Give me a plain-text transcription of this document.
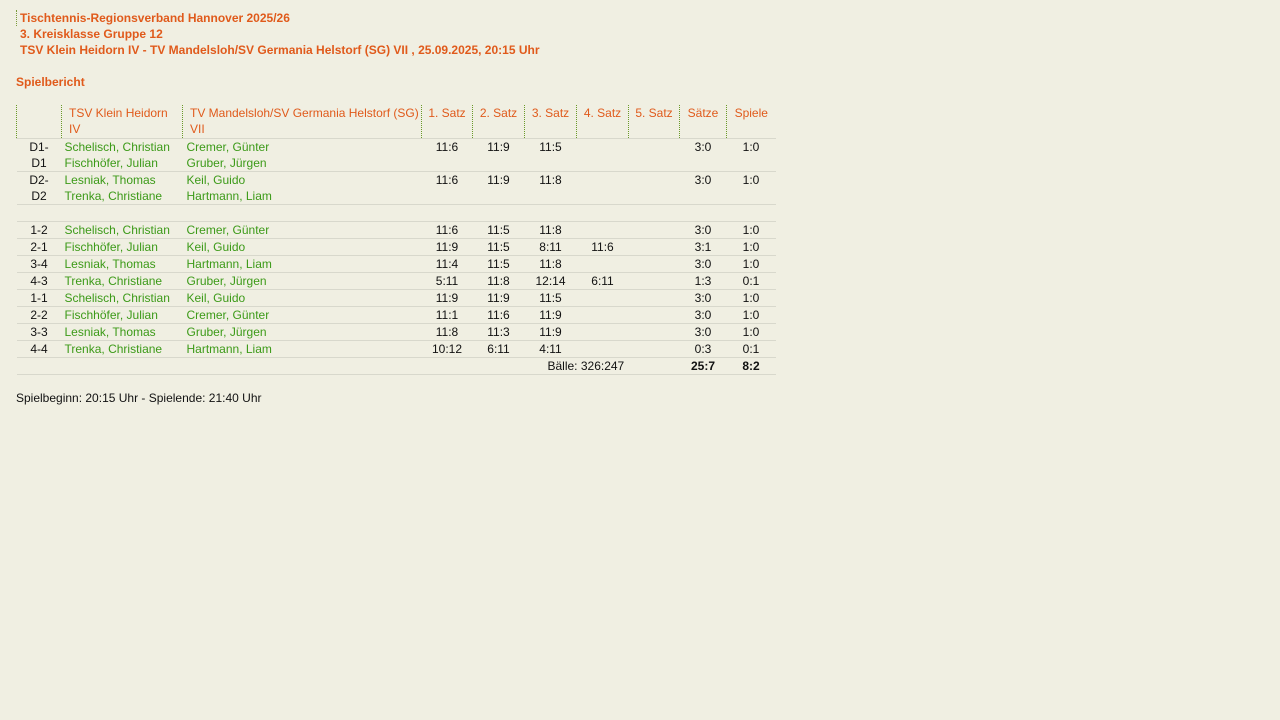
Tischtennis-Regionsverband Hannover 2025/26
3. Kreisklasse Gruppe 12
TSV Klein Heidorn IV - TV Mandelsloh/SV Germania Helstorf (SG) VII , 25.09.2025, 20:15 Uhr
Spielbericht
	TSV Klein Heidorn IV	TV Mandelsloh/SV Germania Helstorf (SG) VII	1. Satz	2. Satz	3. Satz	4. Satz	5. Satz	Sätze	Spiele
D1-	Schelisch, Christian	Cremer, Günter	11:6	11:9	11:5			3:0	1:0
D1	Fischhöfer, Julian	Gruber, Jürgen							
D2-	Lesniak, Thomas	Keil, Guido	11:6	11:9	11:8			3:0	1:0
D2	Trenka, Christiane	Hartmann, Liam							

1-2	Schelisch, Christian	Cremer, Günter	11:6	11:5	11:8			3:0	1:0
2-1	Fischhöfer, Julian	Keil, Guido	11:9	11:5	8:11	11:6		3:1	1:0
3-4	Lesniak, Thomas	Hartmann, Liam	11:4	11:5	11:8			3:0	1:0
4-3	Trenka, Christiane	Gruber, Jürgen	5:11	11:8	12:14	6:11		1:3	0:1
1-1	Schelisch, Christian	Keil, Guido	11:9	11:9	11:5			3:0	1:0
2-2	Fischhöfer, Julian	Cremer, Günter	11:1	11:6	11:9			3:0	1:0
3-3	Lesniak, Thomas	Gruber, Jürgen	11:8	11:3	11:9			3:0	1:0
4-4	Trenka, Christiane	Hartmann, Liam	10:12	6:11	4:11			0:3	0:1
					Bälle: 326:247			25:7	8:2
Spielbeginn: 20:15 Uhr - Spielende: 21:40 Uhr
